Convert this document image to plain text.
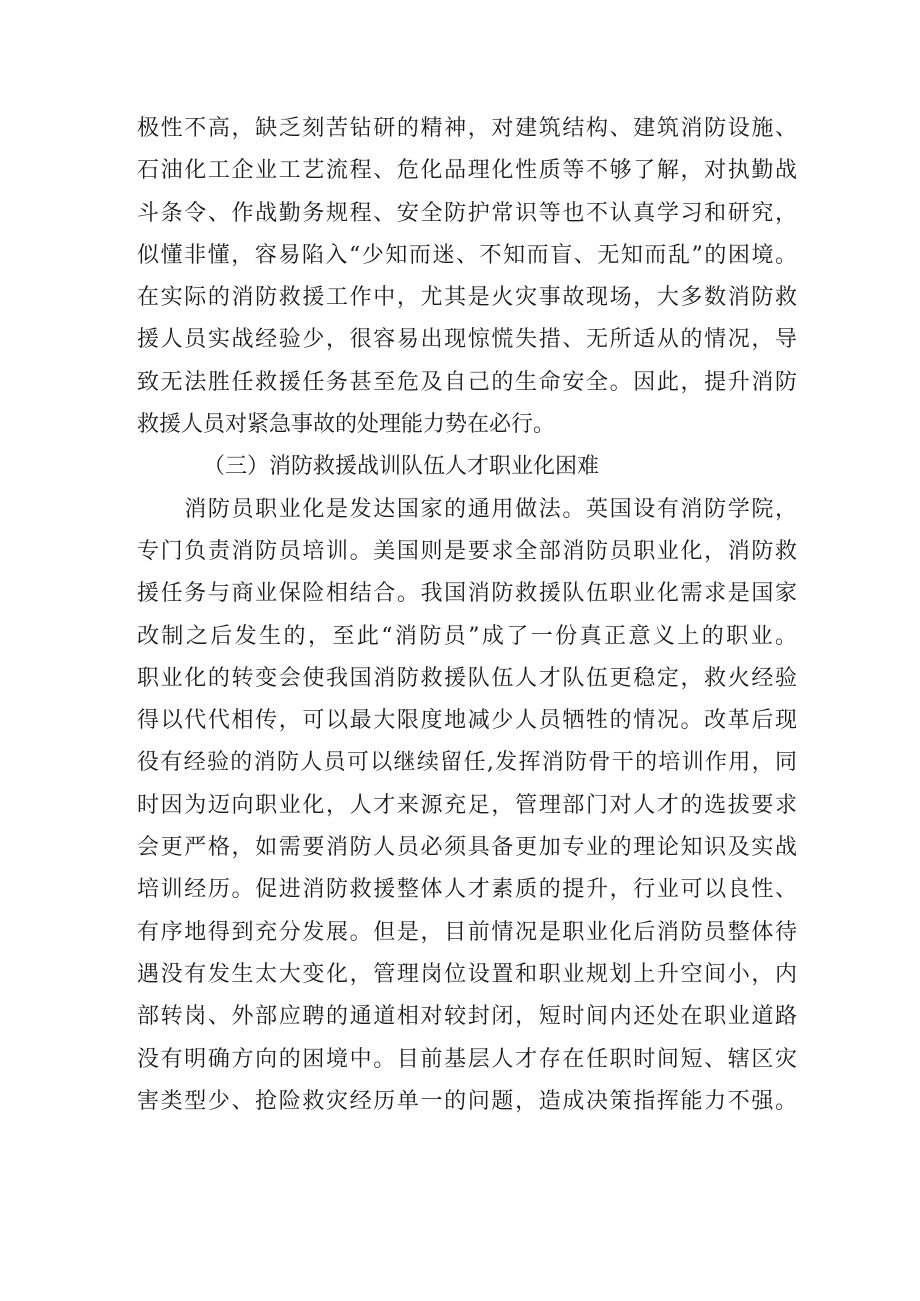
极性不高，缺乏刻苦钻研的精神，对建筑结构、建筑消防设施、
石油化工企业工艺流程、危化品理化性质等不够了解，对执勤战
斗条令、作战勤务规程、安全防护常识等也不认真学习和研究，
似懂非懂，容易陷入“少知而迷、不知而盲、无知而乱”的困境。
在实际的消防救援工作中，尤其是火灾事故现场，大多数消防救
援人员实战经验少，很容易出现惊慌失措、无所适从的情况，导
致无法胜任救援任务甚至危及自己的生命安全。因此，提升消防
救援人员对紧急事故的处理能力势在必行。
（三）消防救援战训队伍人才职业化困难
　　消防员职业化是发达国家的通用做法。英国设有消防学院，
专门负责消防员培训。美国则是要求全部消防员职业化，消防救
援任务与商业保险相结合。我国消防救援队伍职业化需求是国家
改制之后发生的，至此“消防员”成了一份真正意义上的职业。
职业化的转变会使我国消防救援队伍人才队伍更稳定，救火经验
得以代代相传，可以最大限度地减少人员牺牲的情况。改革后现
役有经验的消防人员可以继续留任,发挥消防骨干的培训作用，同
时因为迈向职业化，人才来源充足，管理部门对人才的选拔要求
会更严格，如需要消防人员必须具备更加专业的理论知识及实战
培训经历。促进消防救援整体人才素质的提升，行业可以良性、
有序地得到充分发展。但是，目前情况是职业化后消防员整体待
遇没有发生太大变化，管理岗位设置和职业规划上升空间小，内
部转岗、外部应聘的通道相对较封闭，短时间内还处在职业道路
没有明确方向的困境中。目前基层人才存在任职时间短、辖区灾
害类型少、抢险救灾经历单一的问题，造成决策指挥能力不强。
